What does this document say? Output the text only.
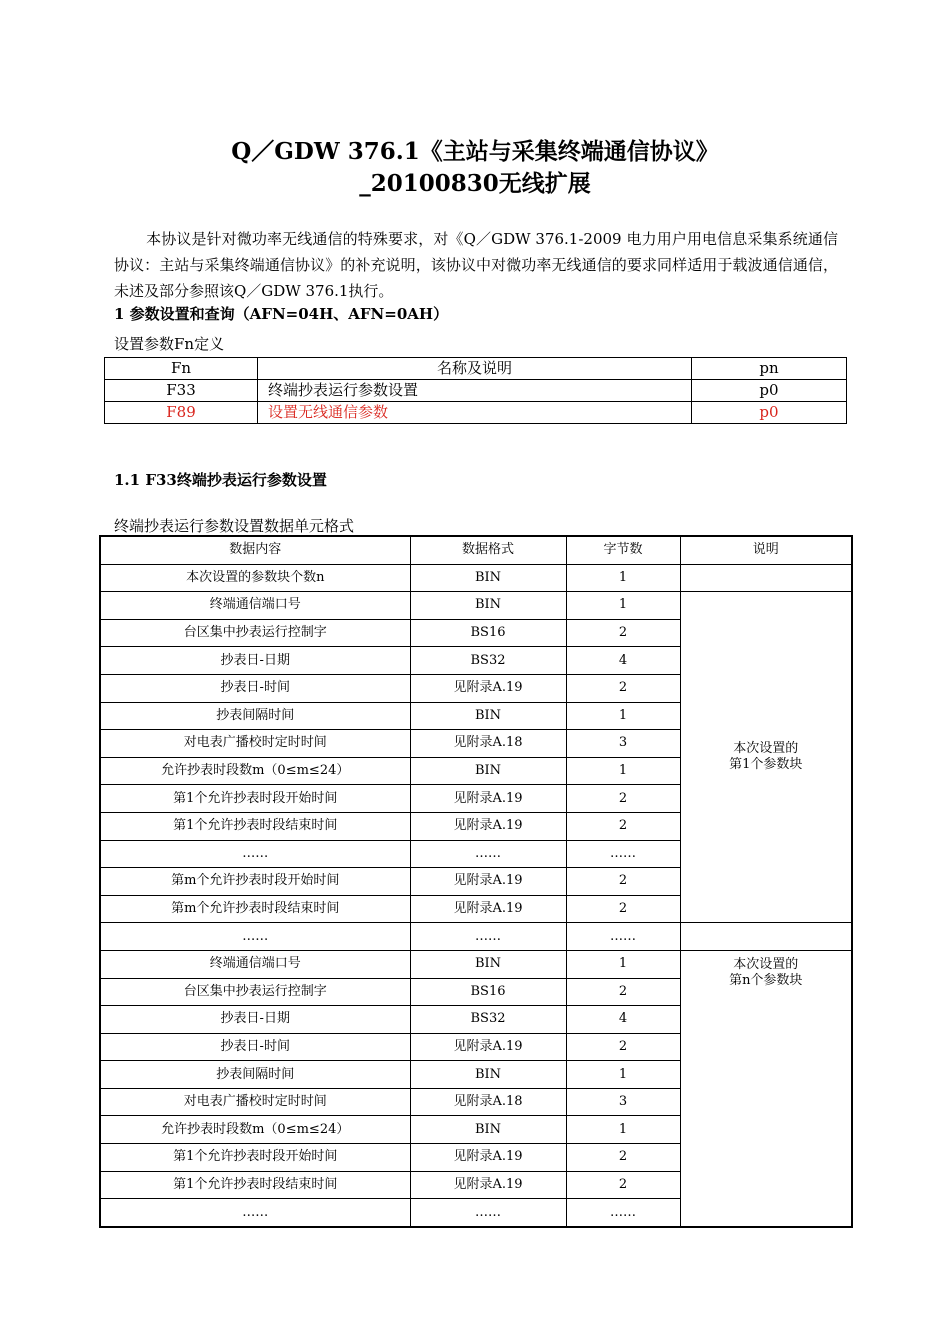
Q／GDW 376.1《主站与采集终端通信协议》
_20100830无线扩展
本协议是针对微功率无线通信的特殊要求，对《Q／GDW 376.1-2009 电力用户用电信息采集系统通信协议：主站与采集终端通信协议》的补充说明，该协议中对微功率无线通信的要求同样适用于载波通信通信，未述及部分参照该Q／GDW 376.1执行。
1 参数设置和查询（AFN=04H、AFN=0AH）
设置参数Fn定义
Fn	名称及说明	pn
F33	终端抄表运行参数设置	p0
F89	设置无线通信参数	p0
1.1 F33终端抄表运行参数设置
终端抄表运行参数设置数据单元格式
数据内容	数据格式	字节数	说明
本次设置的参数块个数n	BIN	1	
终端通信端口号	BIN	1	本次设置的
第1个参数块
台区集中抄表运行控制字	BS16	2	
抄表日-日期	BS32	4	
抄表日-时间	见附录A.19	2	
抄表间隔时间	BIN	1	
对电表广播校时定时时间	见附录A.18	3	
允许抄表时段数m（0≤m≤24）	BIN	1	
第1个允许抄表时段开始时间	见附录A.19	2	
第1个允许抄表时段结束时间	见附录A.19	2	
……	……	……	
第m个允许抄表时段开始时间	见附录A.19	2	
第m个允许抄表时段结束时间	见附录A.19	2	
……	……	……	
终端通信端口号	BIN	1	本次设置的
第n个参数块
台区集中抄表运行控制字	BS16	2	
抄表日-日期	BS32	4	
抄表日-时间	见附录A.19	2	
抄表间隔时间	BIN	1	
对电表广播校时定时时间	见附录A.18	3	
允许抄表时段数m（0≤m≤24）	BIN	1	
第1个允许抄表时段开始时间	见附录A.19	2	
第1个允许抄表时段结束时间	见附录A.19	2	
……	……	……	
